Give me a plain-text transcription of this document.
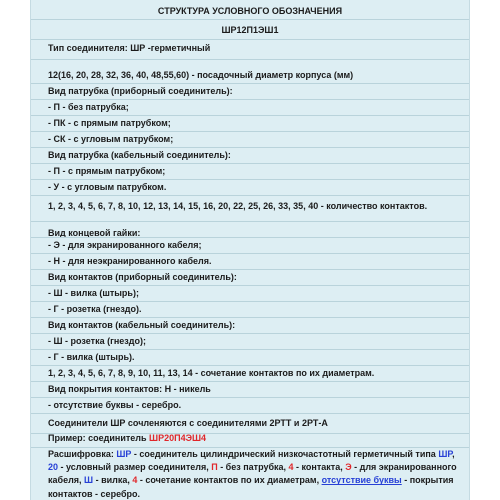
СТРУКТУРА УСЛОВНОГО ОБОЗНАЧЕНИЯ
ШР12П1ЭШ1
Тип соединителя: ШР -герметичный
12(16, 20, 28, 32, 36, 40, 48,55,60) - посадочный диаметр корпуса (мм)
Вид патрубка (приборный соединитель):
- П - без патрубка;
- ПК - с прямым патрубком;
- СК - с угловым патрубком;
Вид патрубка (кабельный соединитель):
- П - с прямым патрубком;
- У - с угловым патрубком.
1, 2, 3, 4, 5, 6, 7, 8, 10, 12, 13, 14, 15, 16, 20, 22, 25, 26, 33, 35, 40 - количество контактов.
Вид концевой гайки:
- Э - для экранированного кабеля;
- Н - для неэкранированного кабеля.
Вид контактов (приборный соединитель):
- Ш - вилка (штырь);
- Г - розетка (гнездо).
Вид контактов (кабельный соединитель):
- Ш - розетка (гнездо);
- Г - вилка (штырь).
1, 2, 3, 4, 5, 6, 7, 8, 9, 10, 11, 13, 14 - сочетание контактов по их диаметрам.
Вид покрытия контактов: Н - никель
- отсутствие буквы - серебро.
Соединители ШР сочленяются с соединителями 2РТТ и 2РТ-А
Пример: соединитель ШР20П4ЭШ4
Расшифровка: ШР - соединитель цилиндрический низкочастотный герметичный типа ШР, 20 - условный размер соединителя, П - без патрубка, 4 - контакта, Э - для экранированного кабеля, Ш - вилка, 4 - сочетание контактов по их диаметрам, отсутствие буквы - покрытия контактов - серебро.
